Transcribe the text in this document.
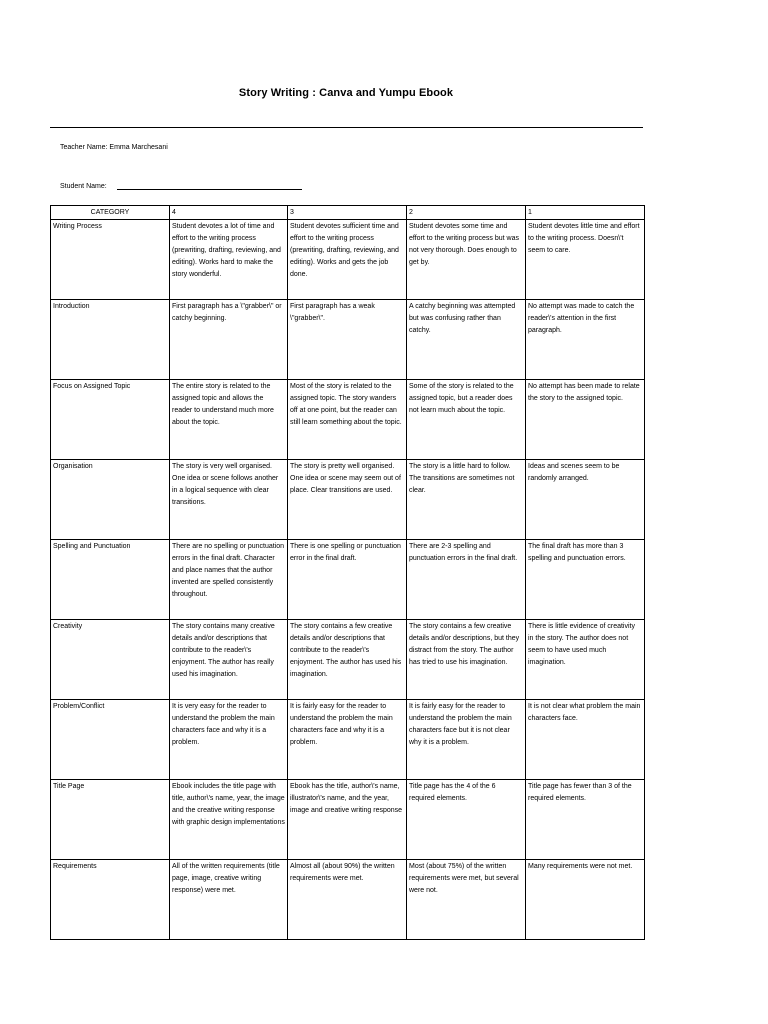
Story Writing : Canva and Yumpu Ebook
Teacher Name: Emma Marchesani
Student Name:
CATEGORY	4	3	2	1
Writing Process	Student devotes a lot of time and effort to the writing process (prewriting, drafting, reviewing, and editing). Works hard to make the story wonderful.	Student devotes sufficient time and effort to the writing process (prewriting, drafting, reviewing, and editing). Works and gets the job done.	Student devotes some time and effort to the writing process but was not very thorough. Does enough to get by.	Student devotes little time and effort to the writing process. Doesn\'t seem to care.
Introduction	First paragraph has a \"grabber\" or catchy beginning.	First paragraph has a weak \"grabber\".	A catchy beginning was attempted but was confusing rather than catchy.	No attempt was made to catch the reader\'s attention in the first paragraph.
Focus on Assigned Topic	The entire story is related to the assigned topic and allows the reader to understand much more about the topic.	Most of the story is related to the assigned topic. The story wanders off at one point, but the reader can still learn something about the topic.	Some of the story is related to the assigned topic, but a reader does not learn much about the topic.	No attempt has been made to relate the story to the assigned topic.
Organisation	The story is very well organised. One idea or scene follows another in a logical sequence with clear transitions.	The story is pretty well organised. One idea or scene may seem out of place. Clear transitions are used.	The story is a little hard to follow. The transitions are sometimes not clear.	Ideas and scenes seem to be randomly arranged.
Spelling and Punctuation	There are no spelling or punctuation errors in the final draft. Character and place names that the author invented are spelled consistently throughout.	There is one spelling or punctuation error in the final draft.	There are 2-3 spelling and punctuation errors in the final draft.	The final draft has more than 3 spelling and punctuation errors.
Creativity	The story contains many creative details and/or descriptions that contribute to the reader\'s enjoyment. The author has really used his imagination.	The story contains a few creative details and/or descriptions that contribute to the reader\'s enjoyment. The author has used his imagination.	The story contains a few creative details and/or descriptions, but they distract from the story. The author has tried to use his imagination.	There is little evidence of creativity in the story. The author does not seem to have used much imagination.
Problem/Conflict	It is very easy for the reader to understand the problem the main characters face and why it is a problem.	It is fairly easy for the reader to understand the problem the main characters face and why it is a problem.	It is fairly easy for the reader to understand the problem the main characters face but it is not clear why it is a problem.	It is not clear what problem the main characters face.
Title Page	Ebook includes the title page with title, author\'s name, year, the image and the creative writing response with graphic design implementations	Ebook has the title, author\'s name, illustrator\'s name, and the year, image and creative writing response	Title page has the 4 of the 6 required elements.	Title page has fewer than 3 of the required elements.
Requirements	All of the written requirements (title page, image, creative writing response) were met.	Almost all (about 90%) the written requirements were met.	Most (about 75%) of the written requirements were met, but several were not.	Many requirements were not met.
